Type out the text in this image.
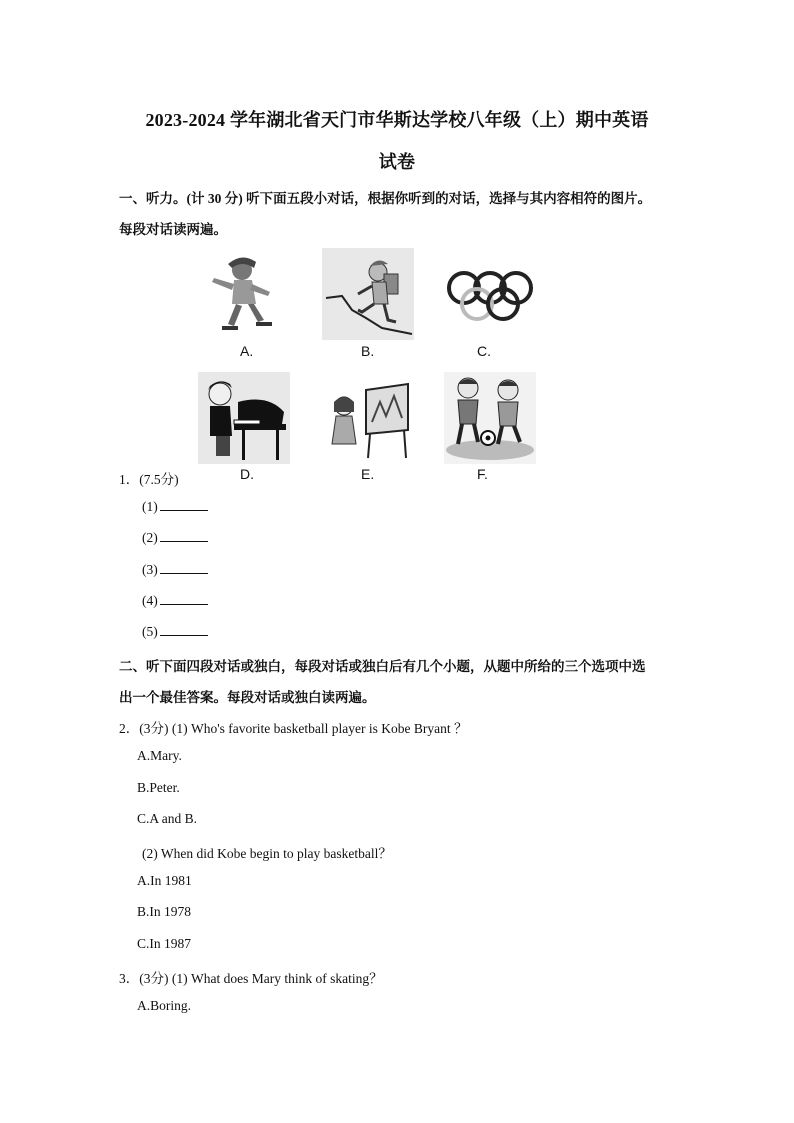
2023-2024 学年湖北省天门市华斯达学校八年级（上）期中英语
试卷
一、听力。(计 30 分) 听下面五段小对话，根据你听到的对话，选择与其内容相符的图片。
每段对话读两遍。
A.	B.	C.
D.	E.	F.
1．(7.5分)
(1)
(2)
(3)
(4)
(5)
二、听下面四段对话或独白，每段对话或独白后有几个小题，从题中所给的三个选项中选
出一个最佳答案。每段对话或独白读两遍。
2．(3分) (1) Who's favorite basketball player is Kobe Bryant ？
A.Mary.
B.Peter.
C.A and B.
(2) When did Kobe begin to play basketball？
A.In 1981
B.In 1978
C.In 1987
3．(3分) (1) What does Mary think of skating？
A.Boring.
